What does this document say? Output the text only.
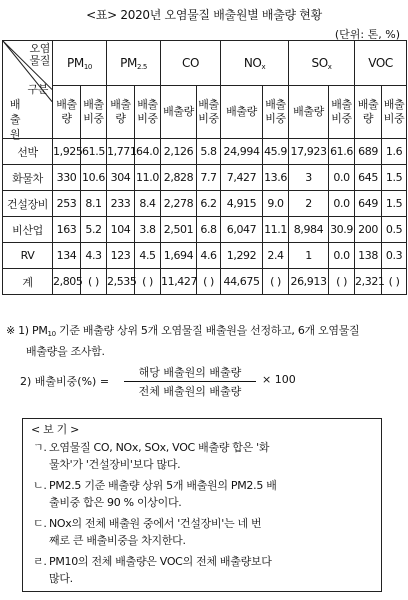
<표> 2020년 오염물질 배출원별 배출량 현황
(단위: 톤, %)
오염
물질
구분
배출원	$PM_{10}$		$PM_{2.5}$		CO		$NO_x$		$SO_x$		VOC	
	배출량	배출비중	배출량	배출비중	배출량	배출비중	배출량	배출비중	배출량	배출비중	배출량	배출비중
선박	1,925	61.5	1,771	64.0	2,126	5.8	24,994	45.9	17,923	61.6	689	1.6
화물차	330	10.6	304	11.0	2,828	7.7	7,427	13.6	3	0.0	645	1.5
건설장비	253	8.1	233	8.4	2,278	6.2	4,915	9.0	2	0.0	649	1.5
비산업	163	5.2	104	3.8	2,501	6.8	6,047	11.1	8,984	30.9	200	0.5
RV	134	4.3	123	4.5	1,694	4.6	1,292	2.4	1	0.0	138	0.3
계	2,805	( )	2,535	( )	11,427	( )	44,675	( )	26,913	( )	2,321	( )
※ 1) $PM_{10}$ 기준 배출량 상위 5개 오염물질 배출원을 선정하고, 6개 오염물질
배출량을 조사함.
2) 배출비중(%) =
해당 배출원의 배출량
전체 배출원의 배출량
× 100
< 보 기 >
ㄱ. 오염물질 CO, NOx, SOx, VOC 배출량 합은 '화
물차'가 '건설장비'보다 많다.
ㄴ. PM2.5 기준 배출량 상위 5개 배출원의 PM2.5 배
출비중 합은 90 % 이상이다.
ㄷ. NOx의 전체 배출원 중에서 '건설장비'는 네 번
째로 큰 배출비중을 차지한다.
ㄹ. PM10의 전체 배출량은 VOC의 전체 배출량보다
많다.
